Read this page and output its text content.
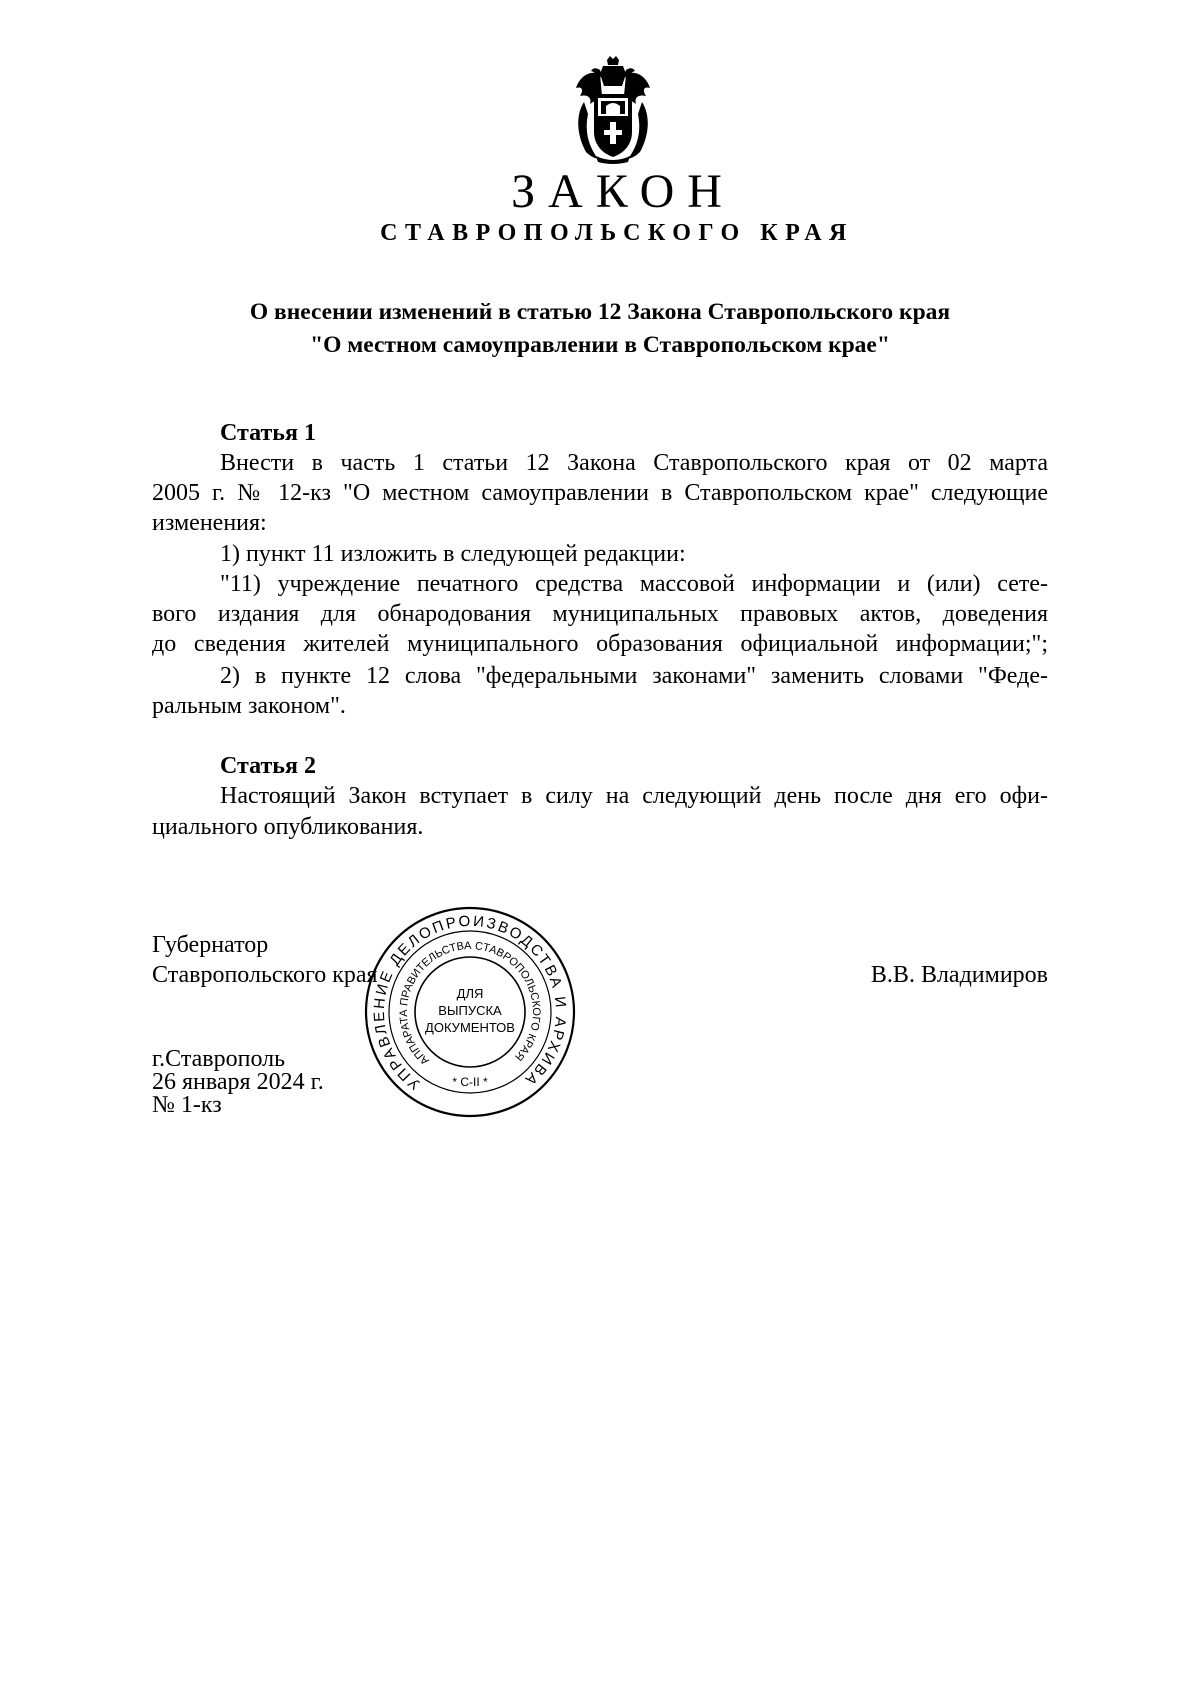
ЗАКОН
СТАВРОПОЛЬСКОГО КРАЯ
О внесении изменений в статью 12 Закона Ставропольского края
"О местном самоуправлении в Ставропольском крае"
Статья 1
Внести в часть 1 статьи 12 Закона Ставропольского края от 02 марта
2005 г. № 12-кз "О местном самоуправлении в Ставропольском крае" следующие
изменения:
1) пункт 11 изложить в следующей редакции:
"11) учреждение печатного средства массовой информации и (или) сете-
вого издания для обнародования муниципальных правовых актов, доведения
до сведения жителей муниципального образования официальной информации;";
2) в пункте 12 слова "федеральными законами" заменить словами "Феде-
ральным законом".
Статья 2
Настоящий Закон вступает в силу на следующий день после дня его офи-
циального опубликования.
Губернатор
Ставропольского края	В.В. Владимиров
УПРАВЛЕНИЕ ДЕЛОПРОИЗВОДСТВА И АРХИВА
АППАРАТА ПРАВИТЕЛЬСТВА СТАВРОПОЛЬСКОГО КРАЯ
ДЛЯ
ВЫПУСКА
ДОКУМЕНТОВ
* С-II *
г.Ставрополь
26 января 2024 г.
№ 1-кз
